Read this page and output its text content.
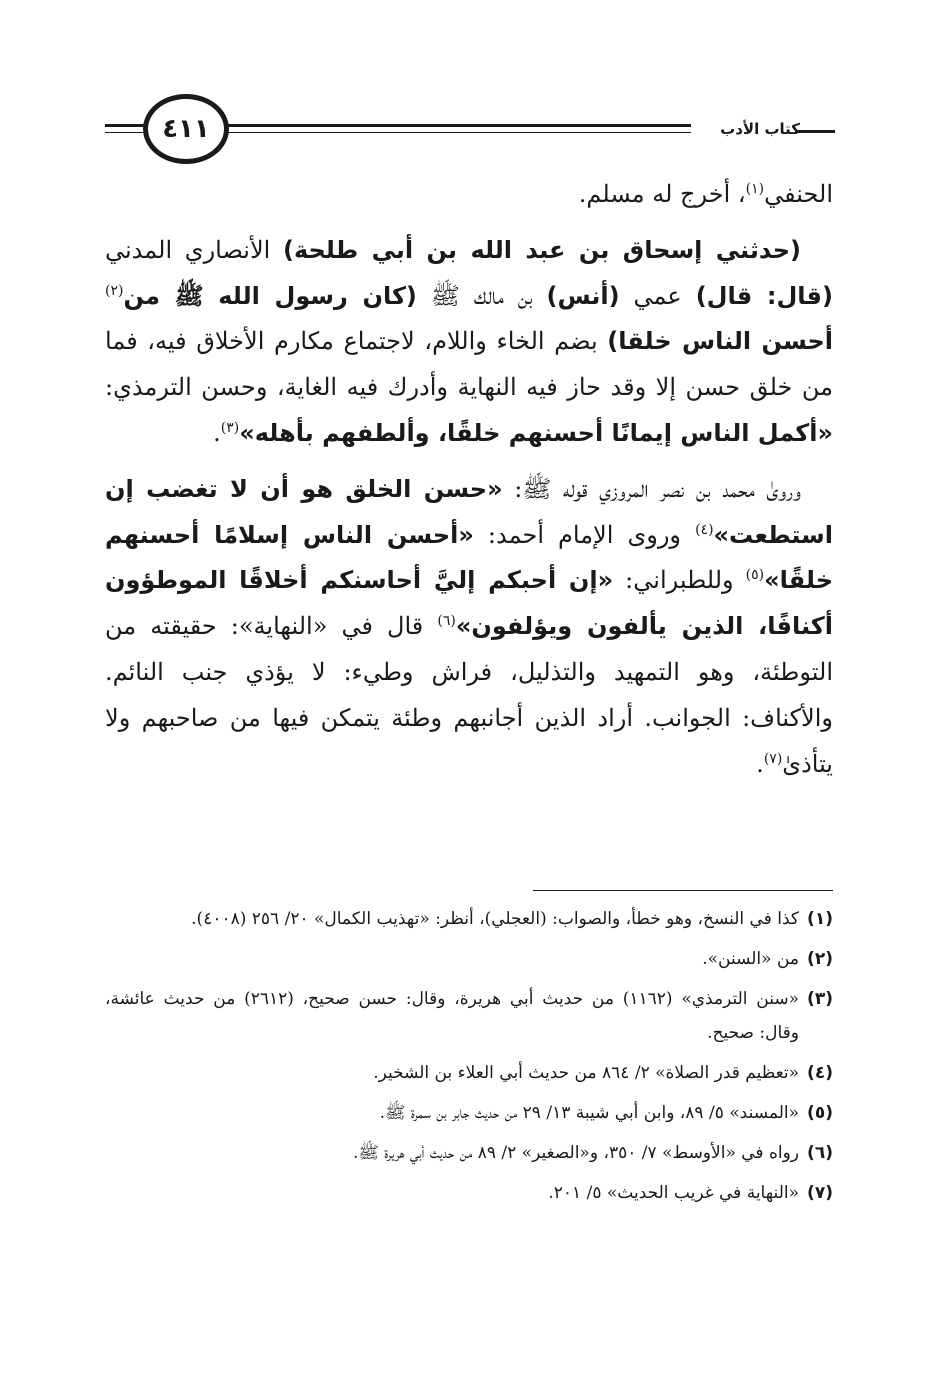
٤١١	كتاب الأدب

الحنفي$^{(١)}$، أخرج له مسلم.

(حدثني إسحاق بن عبد الله بن أبي طلحة) الأنصاري المدني (قال: قال) عمي (أنس) بن مالك ﷺ (كان رسول الله ﷺ من$^{(٢)}$ أحسن الناس خلقا) بضم الخاء واللام، لاجتماع مكارم الأخلاق فيه، فما من خلق حسن إلا وقد حاز فيه النهاية وأدرك فيه الغاية، وحسن الترمذي: «أكمل الناس إيمانًا أحسنهم خلقًا، وألطفهم بأهله»$^{(٣)}$.

وروىٰ محمد بن نصر المروزي قوله ﷺ: «حسن الخلق هو أن لا تغضب إن استطعت»$^{(٤)}$ وروى الإمام أحمد: «أحسن الناس إسلامًا أحسنهم خلقًا»$^{(٥)}$ وللطبراني: «إن أحبكم إليَّ أحاسنكم أخلاقًا الموطؤون أكنافًا، الذين يألفون ويؤلفون»$^{(٦)}$ قال في «النهاية»: حقيقته من التوطئة، وهو التمهيد والتذليل، فراش وطيء: لا يؤذي جنب النائم. والأكناف: الجوانب. أراد الذين أجانبهم وطئة يتمكن فيها من صاحبهم ولا يتأذىٰ$^{(٧)}$.

(١)
كذا في النسخ، وهو خطأ، والصواب: (العجلي)، أنظر: «تهذيب الكمال» ٢٠/ ٢٥٦ (٤٠٠٨).
(٢)
من «السنن».
(٣)
«سنن الترمذي» (١١٦٢) من حديث أبي هريرة، وقال: حسن صحيح، (٢٦١٢) من حديث عائشة، وقال: صحيح.
(٤)
«تعظيم قدر الصلاة» ٢/ ٨٦٤ من حديث أبي العلاء بن الشخير.
(٥)
«المسند» ٥/ ٨٩، وابن أبي شيبة ١٣/ ٢٩ من حديث جابر بن سمرة ﷺ.
(٦)
رواه في «الأوسط» ٧/ ٣٥٠، و«الصغير» ٢/ ٨٩ من حديث أبي هريرة ﷺ.
(٧)
«النهاية في غريب الحديث» ٥/ ٢٠١.
